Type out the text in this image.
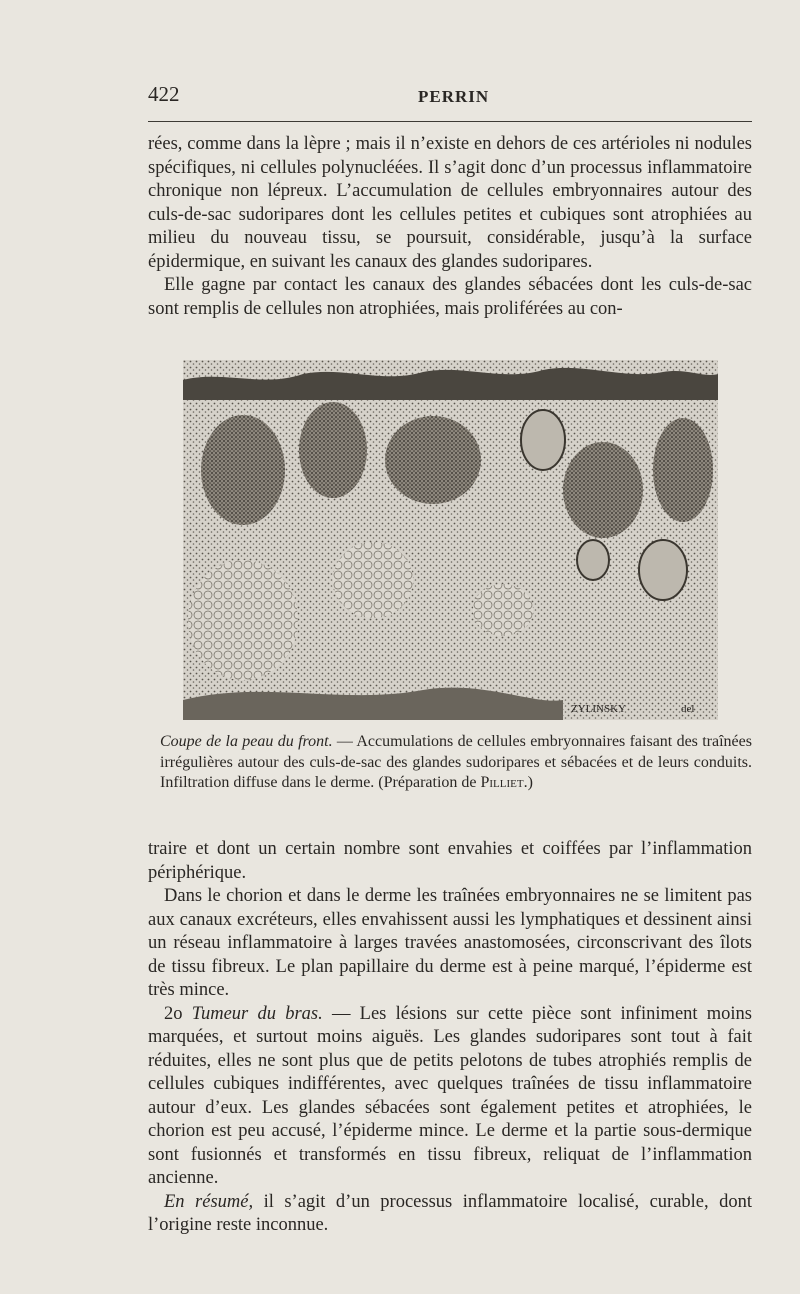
422	PERRIN

rées, comme dans la lèpre ; mais il n’existe en dehors de ces artérioles ni nodules spécifiques, ni cellules polynucléées. Il s’agit donc d’un processus inflammatoire chronique non lépreux. L’accumulation de cellules embryonnaires autour des culs-de-sac sudoripares dont les cellules petites et cubiques sont atrophiées au milieu du nouveau tissu, se poursuit, considérable, jusqu’à la surface épidermique, en suivant les canaux des glandes sudoripares.

Elle gagne par contact les canaux des glandes sébacées dont les culs-de-sac sont remplis de cellules non atrophiées, mais proliférées au con-

ZYLINSKY	del
Coupe de la peau du front. — Accumulations de cellules embryonnaires faisant des traînées irrégulières autour des culs-de-sac des glandes sudoripares et sébacées et de leurs conduits. Infiltration diffuse dans le derme. (Préparation de Pilliet.)

traire et dont un certain nombre sont envahies et coiffées par l’inflammation périphérique.

Dans le chorion et dans le derme les traînées embryonnaires ne se limitent pas aux canaux excréteurs, elles envahissent aussi les lymphatiques et dessinent ainsi un réseau inflammatoire à larges travées anastomosées, circonscrivant des îlots de tissu fibreux. Le plan papillaire du derme est à peine marqué, l’épiderme est très mince.

2o Tumeur du bras. — Les lésions sur cette pièce sont infiniment moins marquées, et surtout moins aiguës. Les glandes sudoripares sont tout à fait réduites, elles ne sont plus que de petits pelotons de tubes atrophiés remplis de cellules cubiques indifférentes, avec quelques traînées de tissu inflammatoire autour d’eux. Les glandes sébacées sont également petites et atrophiées, le chorion est peu accusé, l’épiderme mince. Le derme et la partie sous-dermique sont fusionnés et transformés en tissu fibreux, reliquat de l’inflammation ancienne.

En résumé, il s’agit d’un processus inflammatoire localisé, curable, dont l’origine reste inconnue.
